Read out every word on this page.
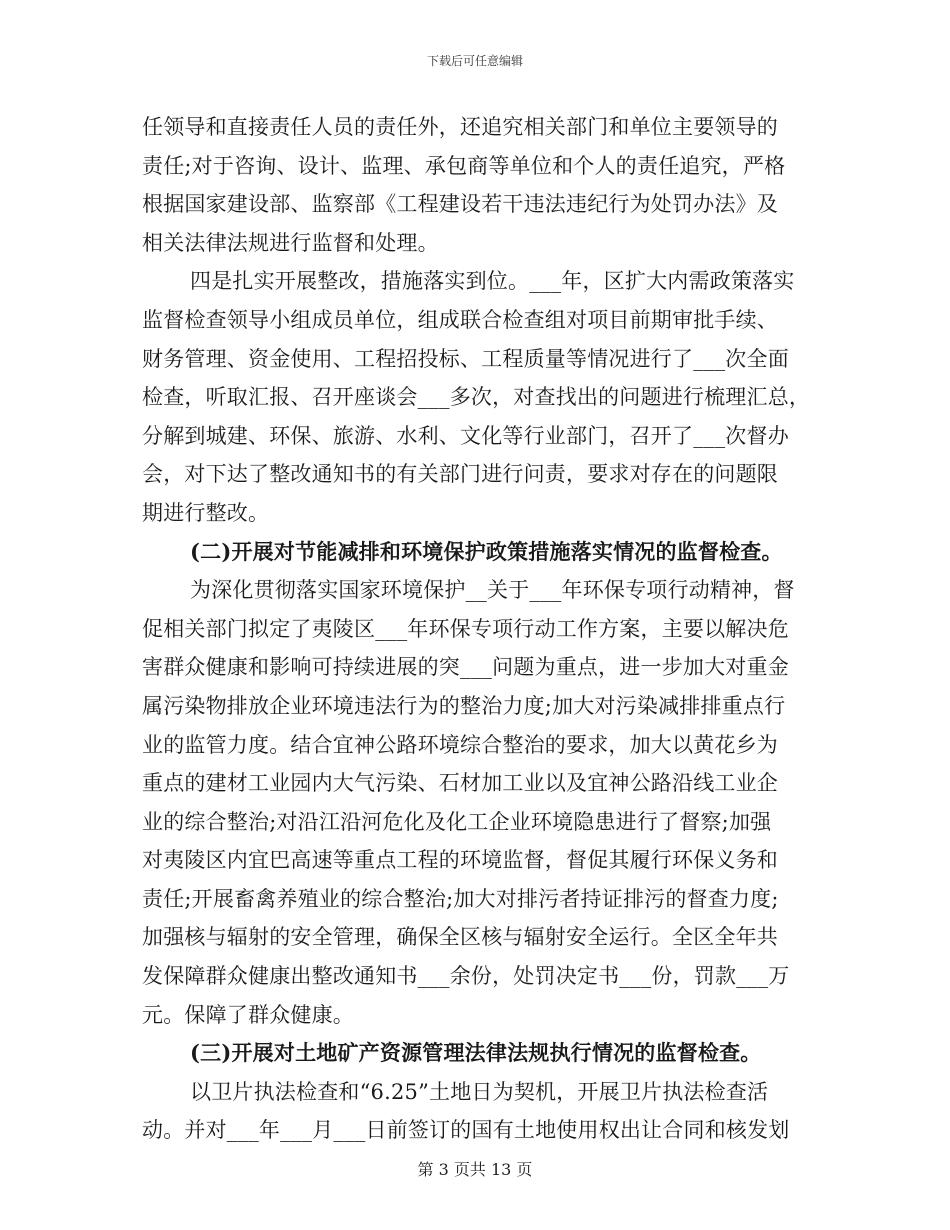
下载后可任意编辑
任领导和直接责任人员的责任外，还追究相关部门和单位主要领导的
责任;对于咨询、设计、监理、承包商等单位和个人的责任追究，严格
根据国家建设部、监察部《工程建设若干违法违纪行为处罚办法》及
相关法律法规进行监督和处理。
四是扎实开展整改，措施落实到位。___年，区扩大内需政策落实
监督检查领导小组成员单位，组成联合检查组对项目前期审批手续、
财务管理、资金使用、工程招投标、工程质量等情况进行了___次全面
检查，听取汇报、召开座谈会___多次，对查找出的问题进行梳理汇总，
分解到城建、环保、旅游、水利、文化等行业部门，召开了___次督办
会，对下达了整改通知书的有关部门进行问责，要求对存在的问题限
期进行整改。
(二)开展对节能减排和环境保护政策措施落实情况的监督检查。
为深化贯彻落实国家环境保护__关于___年环保专项行动精神，督
促相关部门拟定了夷陵区___年环保专项行动工作方案，主要以解决危
害群众健康和影响可持续进展的突___问题为重点，进一步加大对重金
属污染物排放企业环境违法行为的整治力度;加大对污染减排排重点行
业的监管力度。结合宜神公路环境综合整治的要求，加大以黄花乡为
重点的建材工业园内大气污染、石材加工业以及宜神公路沿线工业企
业的综合整治;对沿江沿河危化及化工企业环境隐患进行了督察;加强
对夷陵区内宜巴高速等重点工程的环境监督，督促其履行环保义务和
责任;开展畜禽养殖业的综合整治;加大对排污者持证排污的督查力度;
加强核与辐射的安全管理，确保全区核与辐射安全运行。全区全年共
发保障群众健康出整改通知书___余份，处罚决定书___份，罚款___万
元。保障了群众健康。
(三)开展对土地矿产资源管理法律法规执行情况的监督检查。
以卫片执法检查和“6.25”土地日为契机，开展卫片执法检查活
动。并对___年___月___日前签订的国有土地使用权出让合同和核发划
第 3 页共 13 页
